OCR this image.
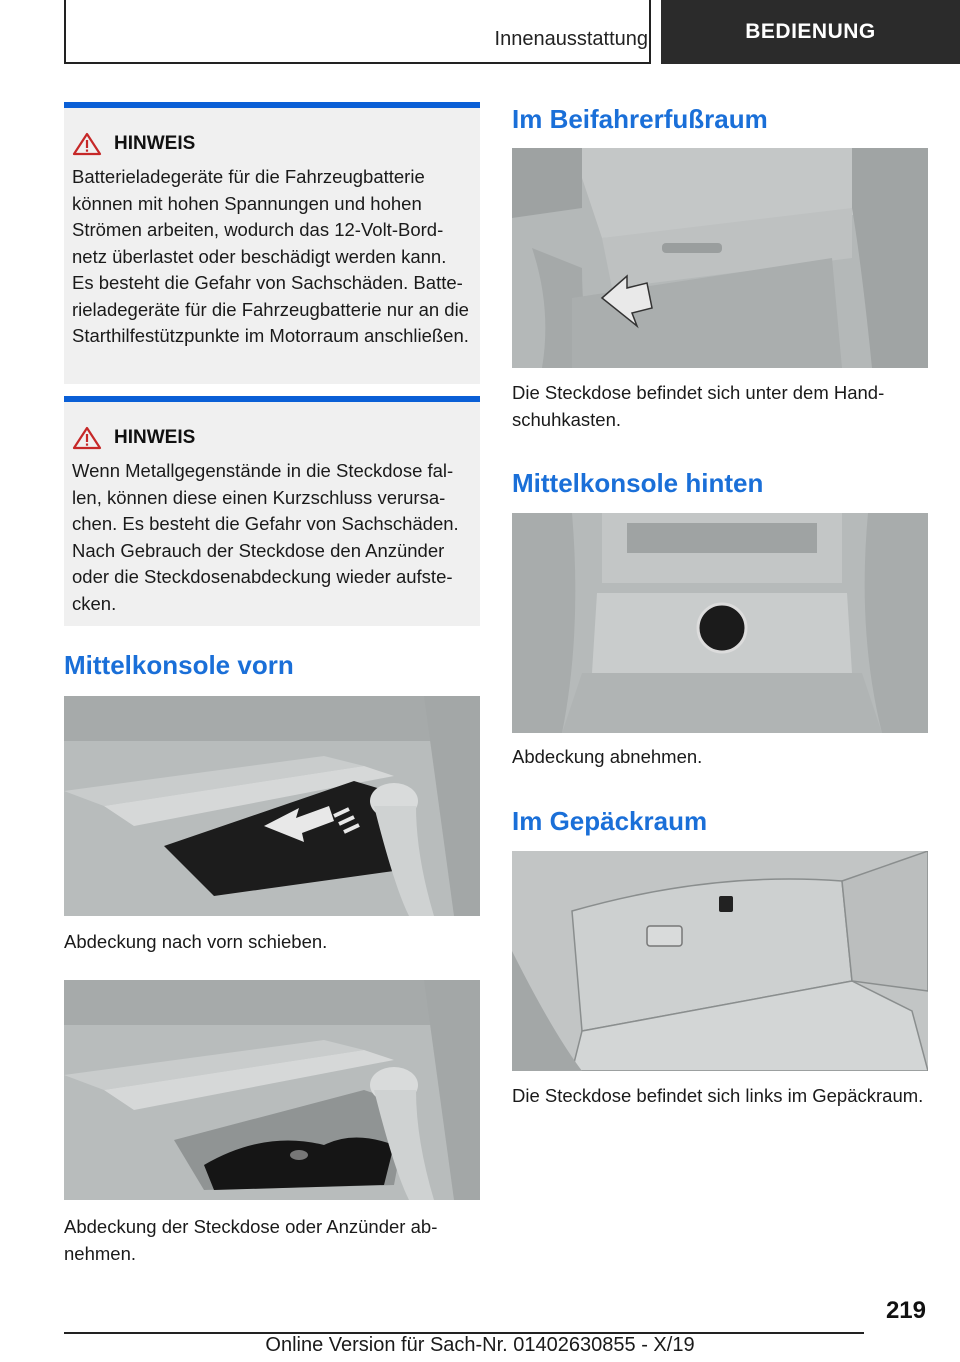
Innenausstattung	BEDIENUNG
HINWEIS
Batterieladegeräte für die Fahrzeugbatterie können mit hohen Spannungen und hohen Strömen arbeiten, wodurch das 12-Volt-Bordnetz überlastet oder beschädigt werden kann. Es besteht die Gefahr von Sachschäden. Batterieladegeräte für die Fahrzeugbatterie nur an die Starthilfestützpunkte im Motorraum anschließen.
HINWEIS
Wenn Metallgegenstände in die Steckdose fallen, können diese einen Kurzschluss verursachen. Es besteht die Gefahr von Sachschäden. Nach Gebrauch der Steckdose den Anzünder oder die Steckdosenabdeckung wieder aufstecken.
Mittelkonsole vorn
Abdeckung nach vorn schieben.
Abdeckung der Steckdose oder Anzünder abnehmen.
Im Beifahrerfußraum
Die Steckdose befindet sich unter dem Handschuhkasten.
Mittelkonsole hinten
Abdeckung abnehmen.
Im Gepäckraum
Die Steckdose befindet sich links im Gepäckraum.
219
Online Version für Sach-Nr. 01402630855 - X/19
